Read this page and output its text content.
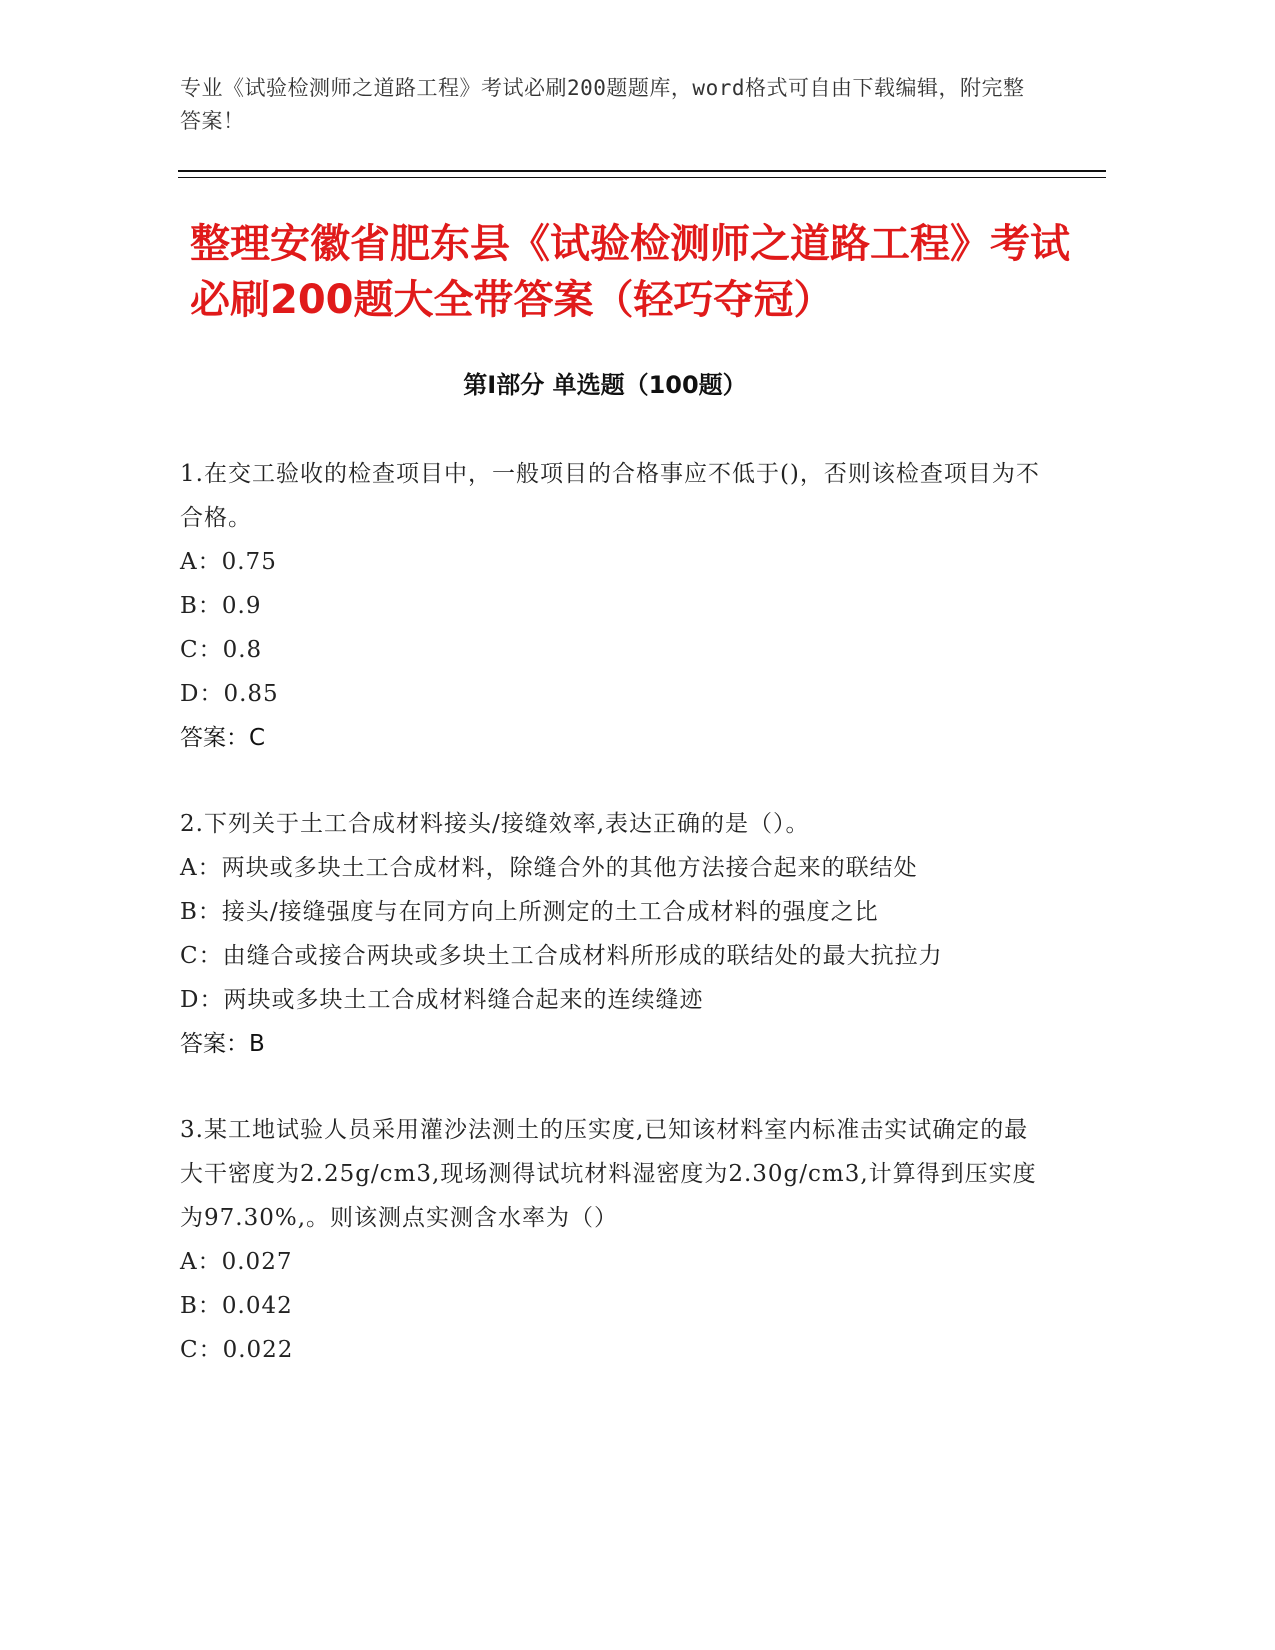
专业《试验检测师之道路工程》考试必刷200题题库，word格式可自由下载编辑，附完整答案！
整理安徽省肥东县《试验检测师之道路工程》考试必刷200题大全带答案（轻巧夺冠）
第Ⅰ部分 单选题（100题）
1.在交工验收的检查项目中，一般项目的合格事应不低于()，否则该检查项目为不合格。
A：0.75
B：0.9
C：0.8
D：0.85
答案：C
2.下列关于土工合成材料接头/接缝效率,表达正确的是（）。
A：两块或多块土工合成材料，除缝合外的其他方法接合起来的联结处
B：接头/接缝强度与在同方向上所测定的土工合成材料的强度之比
C：由缝合或接合两块或多块土工合成材料所形成的联结处的最大抗拉力
D：两块或多块土工合成材料缝合起来的连续缝迹
答案：B
3.某工地试验人员采用灌沙法测土的压实度,已知该材料室内标准击实试确定的最大干密度为2.25g/cm3,现场测得试坑材料湿密度为2.30g/cm3,计算得到压实度为97.30%,。则该测点实测含水率为（）
A：0.027
B：0.042
C：0.022
